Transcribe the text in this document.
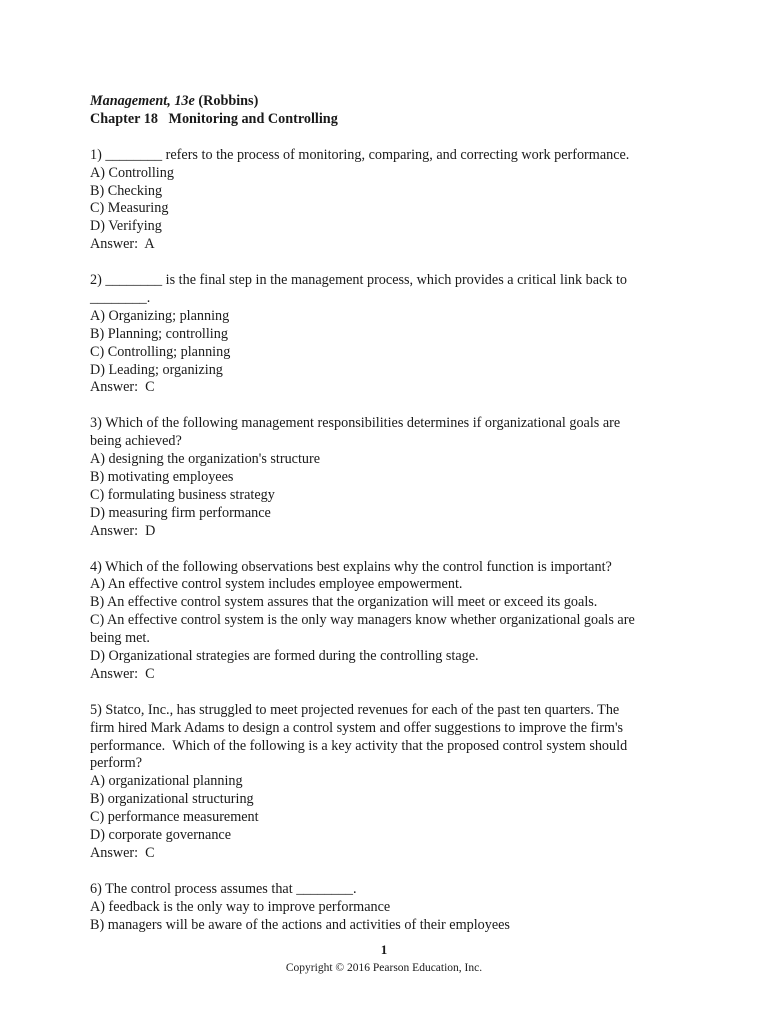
Management, 13e (Robbins)
Chapter 18   Monitoring and Controlling
1) ________ refers to the process of monitoring, comparing, and correcting work performance.
A) Controlling
B) Checking
C) Measuring
D) Verifying
Answer:  A
2) ________ is the final step in the management process, which provides a critical link back to
________.
A) Organizing; planning
B) Planning; controlling
C) Controlling; planning
D) Leading; organizing
Answer:  C
3) Which of the following management responsibilities determines if organizational goals are
being achieved?
A) designing the organization's structure
B) motivating employees
C) formulating business strategy
D) measuring firm performance
Answer:  D
4) Which of the following observations best explains why the control function is important?
A) An effective control system includes employee empowerment.
B) An effective control system assures that the organization will meet or exceed its goals.
C) An effective control system is the only way managers know whether organizational goals are
being met.
D) Organizational strategies are formed during the controlling stage.
Answer:  C
5) Statco, Inc., has struggled to meet projected revenues for each of the past ten quarters. The
firm hired Mark Adams to design a control system and offer suggestions to improve the firm's
performance.  Which of the following is a key activity that the proposed control system should
perform?
A) organizational planning
B) organizational structuring
C) performance measurement
D) corporate governance
Answer:  C
6) The control process assumes that ________.
A) feedback is the only way to improve performance
B) managers will be aware of the actions and activities of their employees
1
Copyright © 2016 Pearson Education, Inc.
